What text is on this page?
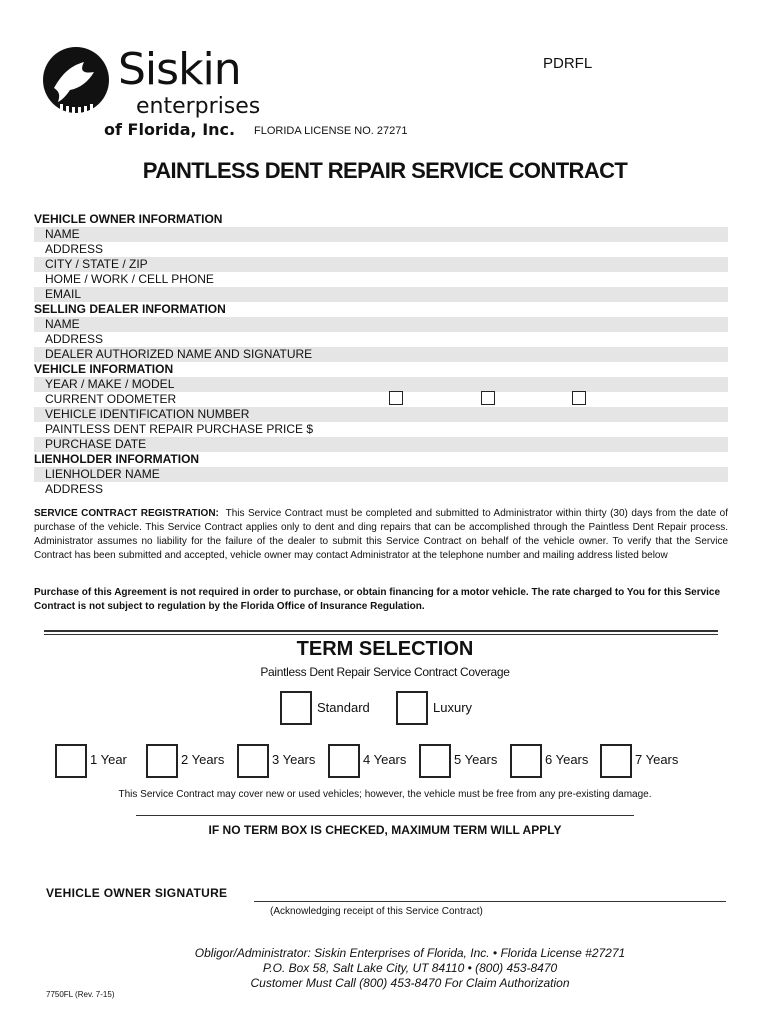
Siskin
enterprises
of Florida, Inc. FLORIDA LICENSE NO. 27271
PDRFL
PAINTLESS DENT REPAIR SERVICE CONTRACT
VEHICLE OWNER INFORMATION
NAME
ADDRESS
CITY / STATE / ZIP
HOME / WORK / CELL PHONE
EMAIL
SELLING DEALER INFORMATION
NAME
ADDRESS
DEALER AUTHORIZED NAME AND SIGNATURE
VEHICLE INFORMATION
YEAR / MAKE / MODEL
CURRENT ODOMETER
VEHICLE IDENTIFICATION NUMBER
PAINTLESS DENT REPAIR PURCHASE PRICE $
PURCHASE DATE
LIENHOLDER INFORMATION
LIENHOLDER NAME
ADDRESS
SERVICE CONTRACT REGISTRATION: This Service Contract must be completed and submitted to Administrator within thirty (30) days from the date of purchase of the vehicle. This Service Contract applies only to dent and ding repairs that can be accomplished through the Paintless Dent Repair process. Administrator assumes no liability for the failure of the dealer to submit this Service Contract on behalf of the vehicle owner. To verify that the Service Contract has been submitted and accepted, vehicle owner may contact Administrator at the telephone number and mailing address listed below
Purchase of this Agreement is not required in order to purchase, or obtain financing for a motor vehicle. The rate charged to You for this Service Contract is not subject to regulation by the Florida Office of Insurance Regulation.
TERM SELECTION
Paintless Dent Repair Service Contract Coverage
Standard	Luxury
1 Year	2 Years	3 Years	4 Years	5 Years	6 Years	7 Years
This Service Contract may cover new or used vehicles; however, the vehicle must be free from any pre-existing damage.
IF NO TERM BOX IS CHECKED, MAXIMUM TERM WILL APPLY
VEHICLE OWNER SIGNATURE
(Acknowledging receipt of this Service Contract)
Obligor/Administrator: Siskin Enterprises of Florida, Inc. • Florida License #27271
P.O. Box 58, Salt Lake City, UT 84110 • (800) 453-8470
Customer Must Call (800) 453-8470 For Claim Authorization
7750FL (Rev. 7-15)
